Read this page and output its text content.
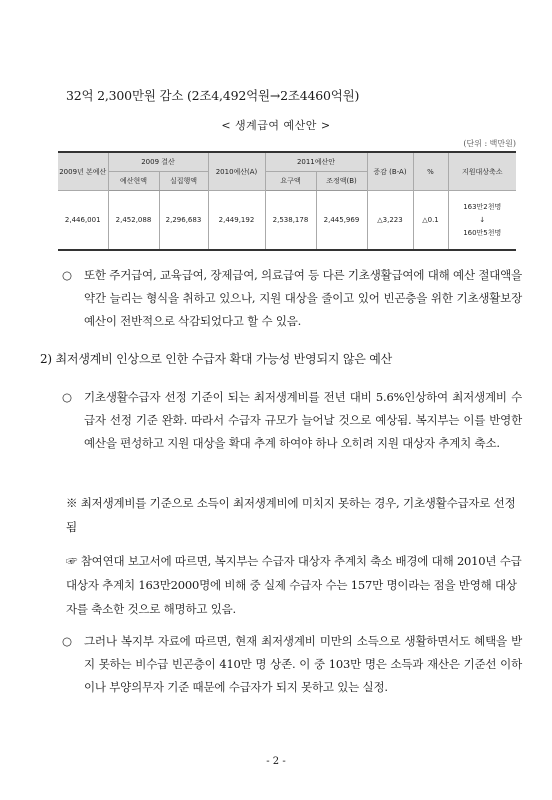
32억 2,300만원 감소 (2조4,492억원→2조4460억원)
< 생계급여 예산안 >
(단위 : 백만원)
2009년 본예산	2009 결산		2010예산(A)	2011예산안		증감 (B-A)	%	지원대상축소
	예산현액	실집행액		요구액	조정액(B)			
2,446,001	2,452,088	2,296,683	2,449,192	2,538,178	2,445,969	△3,223	△0.1	163만2천명
↓
160만5천명
○	또한 주거급여, 교육급여, 장제급여, 의료급여 등 다른 기초생활급여에 대해 예산 절대액을 약간 늘리는 형식을 취하고 있으나, 지원 대상을 줄이고 있어 빈곤층을 위한 기초생활보장예산이 전반적으로 삭감되었다고 할 수 있음.
2) 최저생계비 인상으로 인한 수급자 확대 가능성 반영되지 않은 예산
○	기초생활수급자 선정 기준이 되는 최저생계비를 전년 대비 5.6%인상하여 최저생계비 수급자 선정 기준 완화. 따라서 수급자 규모가 늘어날 것으로 예상됨. 복지부는 이를 반영한 예산을 편성하고 지원 대상을 확대 추계 하여야 하나 오히려 지원 대상자 추계치 축소.
※ 최저생계비를 기준으로 소득이 최저생계비에 미치지 못하는 경우, 기초생활수급자로 선정됨
☞ 참여연대 보고서에 따르면, 복지부는 수급자 대상자 추계치 축소 배경에 대해 2010년 수급 대상자 추계치 163만2000명에 비해 중 실제 수급자 수는 157만 명이라는 점을 반영해 대상자를 축소한 것으로 해명하고 있음.
○	그러나 복지부 자료에 따르면, 현재 최저생계비 미만의 소득으로 생활하면서도 혜택을 받지 못하는 비수급 빈곤층이 410만 명 상존. 이 중 103만 명은 소득과 재산은 기준선 이하이나 부양의무자 기준 때문에 수급자가 되지 못하고 있는 실정.
- 2 -
